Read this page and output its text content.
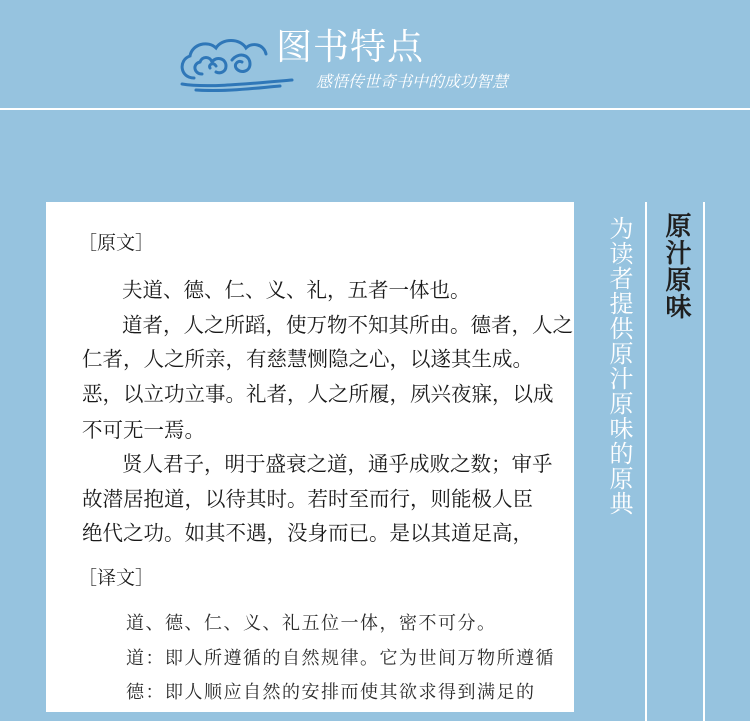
图书特点
感悟传世奇书中的成功智慧
［原文］
夫道、德、仁、义、礼，五者一体也。
道者，人之所蹈，使万物不知其所由。德者，人之
仁者，人之所亲，有慈慧恻隐之心，以遂其生成。
恶，以立功立事。礼者，人之所履，夙兴夜寐，以成
不可无一焉。
贤人君子，明于盛衰之道，通乎成败之数；审乎
故潜居抱道，以待其时。若时至而行，则能极人臣
绝代之功。如其不遇，没身而已。是以其道足高，
［译文］
道、德、仁、义、礼五位一体，密不可分。
道：即人所遵循的自然规律。它为世间万物所遵循
德：即人顺应自然的安排而使其欲求得到满足的
为读者提供原汁原味的原典 原汁原味
